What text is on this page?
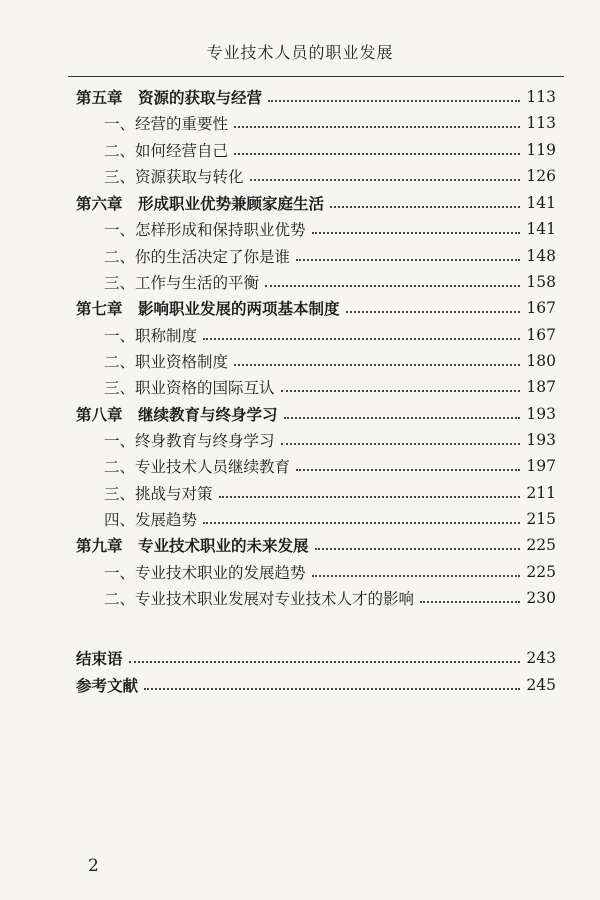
专业技术人员的职业发展
第五章　资源的获取与经营	113
一、经营的重要性	113
二、如何经营自己	119
三、资源获取与转化	126
第六章　形成职业优势兼顾家庭生活	141
一、怎样形成和保持职业优势	141
二、你的生活决定了你是谁	148
三、工作与生活的平衡	158
第七章　影响职业发展的两项基本制度	167
一、职称制度	167
二、职业资格制度	180
三、职业资格的国际互认	187
第八章　继续教育与终身学习	193
一、终身教育与终身学习	193
二、专业技术人员继续教育	197
三、挑战与对策	211
四、发展趋势	215
第九章　专业技术职业的未来发展	225
一、专业技术职业的发展趋势	225
二、专业技术职业发展对专业技术人才的影响	230
结束语	243
参考文献	245
2
